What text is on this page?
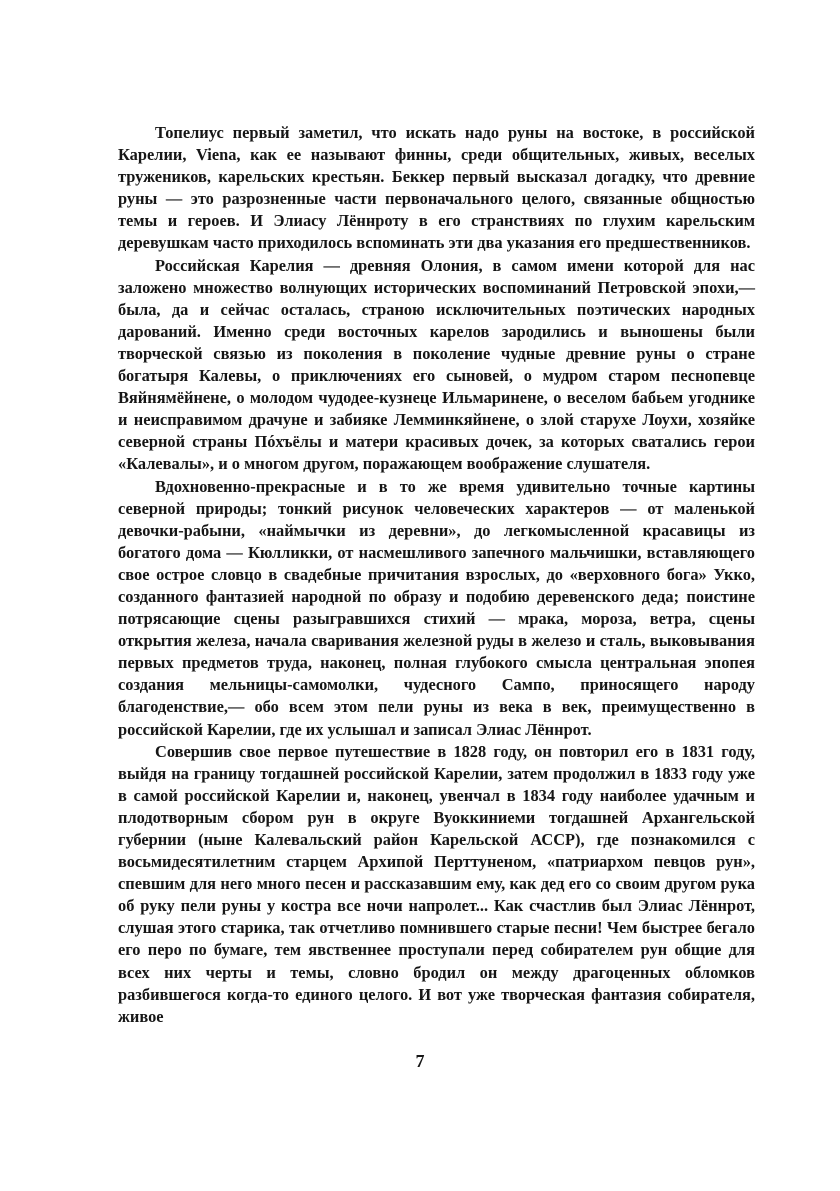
Топелиус первый заметил, что искать надо руны на востоке, в российской Карелии, Viena, как ее называют финны, среди общительных, живых, веселых тружеников, карельских крестьян. Беккер первый высказал догадку, что древние руны — это разрозненные части первоначального целого, связанные общностью темы и героев. И Элиасу Лённроту в его странствиях по глухим карельским деревушкам часто приходилось вспоминать эти два указания его предшественников.

Российская Карелия — древняя Олония, в самом имени которой для нас заложено множество волнующих исторических воспоминаний Петровской эпохи,— была, да и сейчас осталась, страною исключительных поэтических народных дарований. Именно среди восточных карелов зародились и выношены были творческой связью из поколения в поколение чудные древние руны о стране богатыря Калевы, о приключениях его сыновей, о мудром старом песнопевце Вяйнямёйнене, о молодом чудодее-кузнеце Ильмаринене, о веселом бабьем угоднике и неисправимом драчуне и забияке Лемминкяйнене, о злой старухе Лоухи, хозяйке северной страны Пóхъёлы и матери красивых дочек, за которых сватались герои «Калевалы», и о многом другом, поражающем воображение слушателя.

Вдохновенно-прекрасные и в то же время удивительно точные картины северной природы; тонкий рисунок человеческих характеров — от маленькой девочки-рабыни, «наймычки из деревни», до легкомысленной красавицы из богатого дома — Кюлликки, от насмешливого запечного мальчишки, вставляющего свое острое словцо в свадебные причитания взрослых, до «верховного бога» Укко, созданного фантазией народной по образу и подобию деревенского деда; поистине потрясающие сцены разыгравшихся стихий — мрака, мороза, ветра, сцены открытия железа, начала сваривания железной руды в железо и сталь, выковывания первых предметов труда, наконец, полная глубокого смысла центральная эпопея создания мельницы-самомолки, чудесного Сампо, приносящего народу благоденствие,— обо всем этом пели руны из века в век, преимущественно в российской Карелии, где их услышал и записал Элиас Лённрот.

Совершив свое первое путешествие в 1828 году, он повторил его в 1831 году, выйдя на границу тогдашней российской Карелии, затем продолжил в 1833 году уже в самой российской Карелии и, наконец, увенчал в 1834 году наиболее удачным и плодотворным сбором рун в округе Вуоккиниеми тогдашней Архангельской губернии (ныне Калевальский район Карельской АССР), где познакомился с восьмидесятилетним старцем Архипой Перттуненом, «патриархом певцов рун», спевшим для него много песен и рассказавшим ему, как дед его со своим другом рука об руку пели руны у костра все ночи напролет... Как счастлив был Элиас Лённрот, слушая этого старика, так отчетливо помнившего старые песни! Чем быстрее бегало его перо по бумаге, тем явственнее проступали перед собирателем рун общие для всех них черты и темы, словно бродил он между драгоценных обломков разбившегося когда-то единого целого. И вот уже творческая фантазия собирателя, живое

7
